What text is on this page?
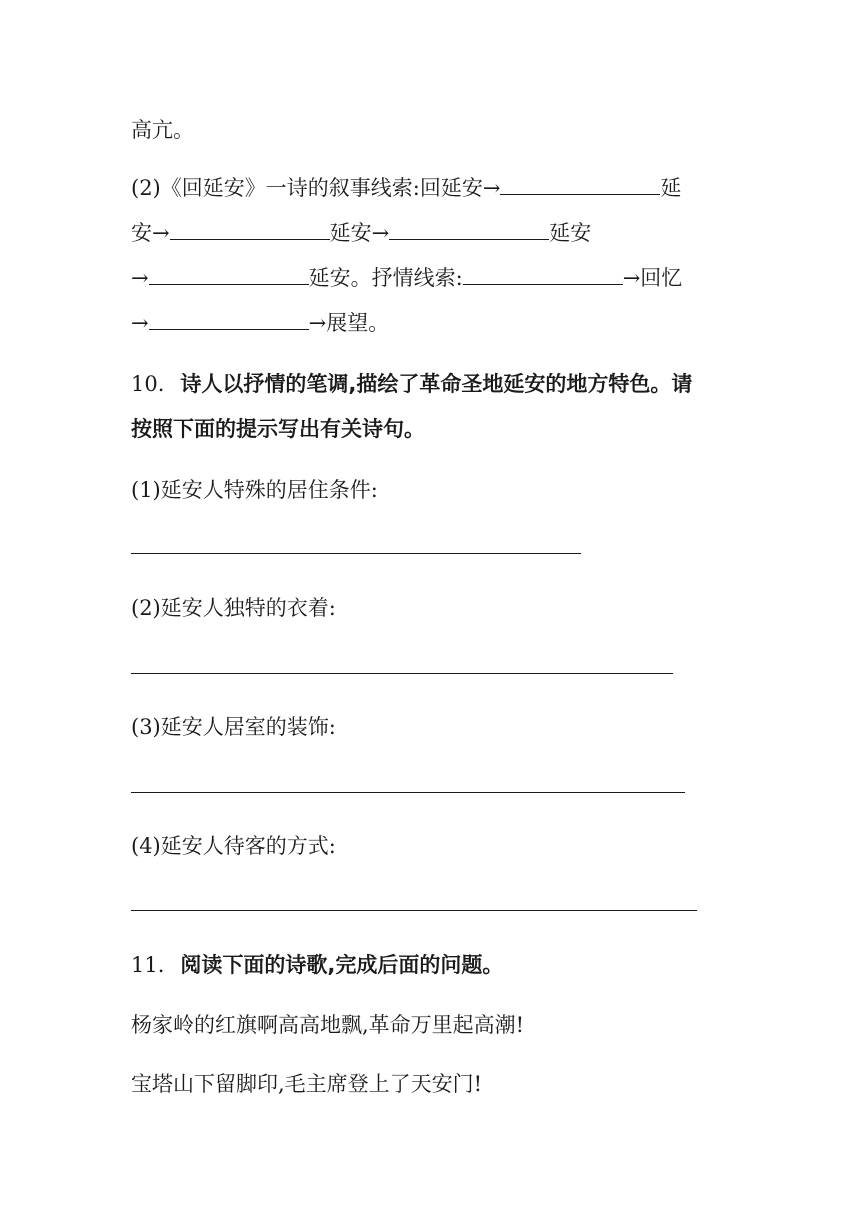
高亢。
(2)《回延安》一诗的叙事线索:回延安→	延
安→	延安→	延安
→	延安。抒情线索:	→回忆
→	→展望。
10. 诗人以抒情的笔调,描绘了革命圣地延安的地方特色。请
按照下面的提示写出有关诗句。
(1)延安人特殊的居住条件:
(2)延安人独特的衣着:
(3)延安人居室的装饰:
(4)延安人待客的方式:
11. 阅读下面的诗歌,完成后面的问题。
杨家岭的红旗啊高高地飘,革命万里起高潮!
宝塔山下留脚印,毛主席登上了天安门!
